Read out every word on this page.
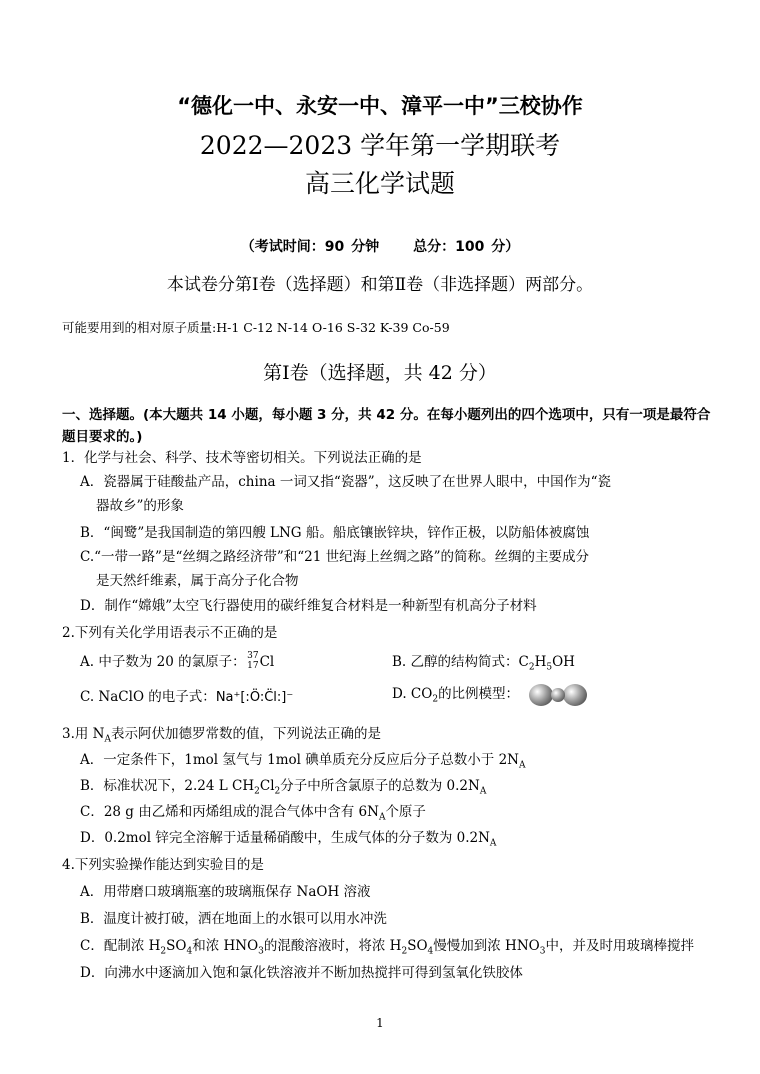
“德化一中、永安一中、漳平一中”三校协作
2022—2023 学年第一学期联考
高三化学试题
（考试时间：90 分钟 总分：100 分）
本试卷分第Ⅰ卷（选择题）和第Ⅱ卷（非选择题）两部分。
可能要用到的相对原子质量:H-1 C-12 N-14 O-16 S-32 K-39 Co-59
第Ⅰ卷（选择题，共 42 分）
一、选择题。(本大题共 14 小题，每小题 3 分，共 42 分。在每小题列出的四个选项中，只有一项是最符合题目要求的。)
1．化学与社会、科学、技术等密切相关。下列说法正确的是
A．瓷器属于硅酸盐产品，china 一词又指“瓷器”，这反映了在世界人眼中，中国作为“瓷
器故乡”的形象
B．“闽鹭”是我国制造的第四艘 LNG 船。船底镶嵌锌块，锌作正极，以防船体被腐蚀
C.“一带一路”是“丝绸之路经济带”和“21 世纪海上丝绸之路”的简称。丝绸的主要成分
是天然纤维素，属于高分子化合物
D．制作“嫦娥”太空飞行器使用的碳纤维复合材料是一种新型有机高分子材料
2.下列有关化学用语表示不正确的是
A. 中子数为 20 的氯原子： 37
17 Cl	B. 乙醇的结构简式：$C_2H_5OH$
C. NaClO 的电子式：Na⁺[:Ö:C̈l:]⁻	D. $CO_2$的比例模型：
3.用 $N_A$表示阿伏加德罗常数的值，下列说法正确的是
A．一定条件下，1mol 氢气与 1mol 碘单质充分反应后分子总数小于 $2N_A$
B．标准状况下，2.24 L $CH_2Cl_2$分子中所含氯原子的总数为 $0.2N_A$
C．28 g 由乙烯和丙烯组成的混合气体中含有 $6N_A$个原子
D．0.2mol 锌完全溶解于适量稀硝酸中，生成气体的分子数为 $0.2N_A$
4.下列实验操作能达到实验目的是
A．用带磨口玻璃瓶塞的玻璃瓶保存 NaOH 溶液
B．温度计被打破，洒在地面上的水银可以用水冲洗
C．配制浓 $H_2SO_4$和浓 $HNO_3$的混酸溶液时，将浓 $H_2SO_4$慢慢加到浓 $HNO_3$中，并及时用玻璃棒搅拌
D．向沸水中逐滴加入饱和氯化铁溶液并不断加热搅拌可得到氢氧化铁胶体
1
